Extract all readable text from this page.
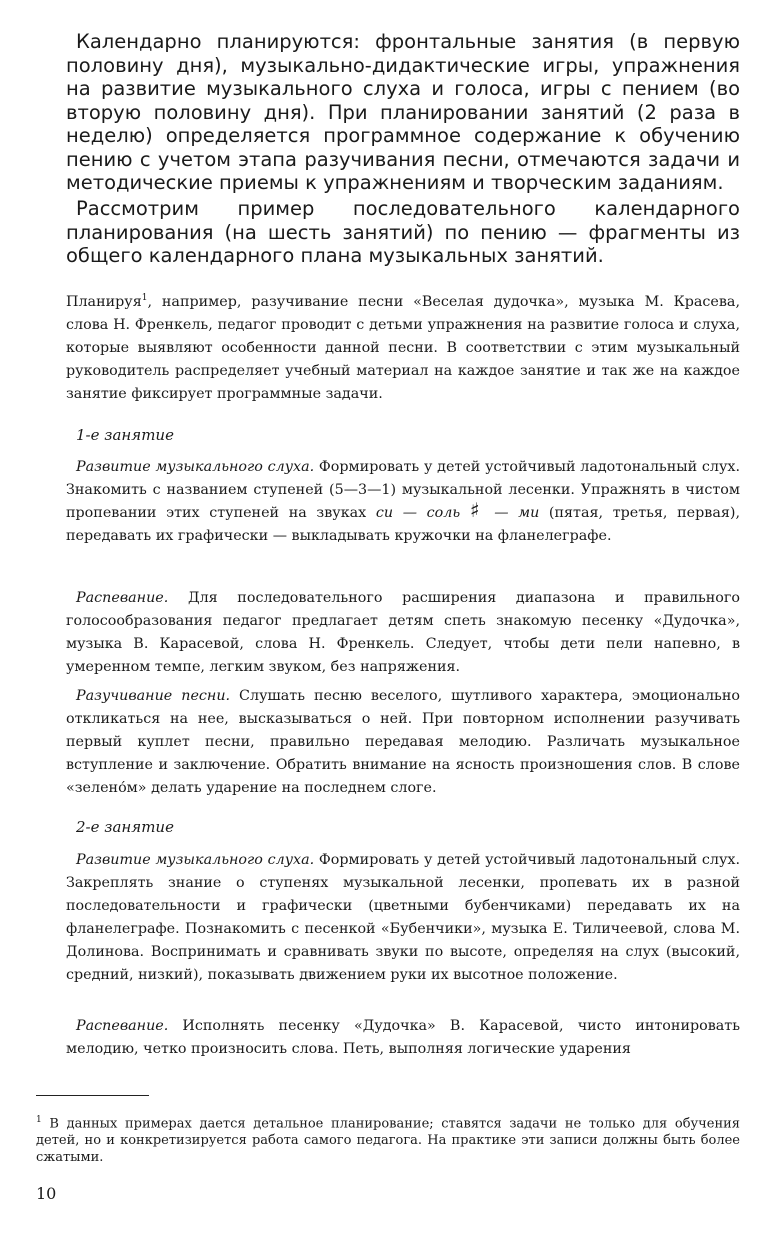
Календарно планируются: фронтальные занятия (в первую половину дня), музыкально-дидактические игры, упражнения на развитие музыкального слуха и голоса, игры с пением (во вторую половину дня). При планировании занятий (2 раза в неделю) определяется программное содержание к обучению пению с учетом этапа разучивания песни, отмечаются задачи и методические приемы к упражнениям и творческим заданиям.

Рассмотрим пример последовательного календарного планирования (на шесть занятий) по пению — фрагменты из общего календарного плана музыкальных занятий.

Планируя$^1$, например, разучивание песни «Веселая дудочка», музыка М. Красева, слова Н. Френкель, педагог проводит с детьми упражнения на развитие голоса и слуха, которые выявляют особенности данной песни. В соответствии с этим музыкальный руководитель распределяет учебный материал на каждое занятие и так же на каждое занятие фиксирует программные задачи.

1-е занятие

Развитие музыкального слуха. Формировать у детей устойчивый ладотональный слух. Знакомить с названием ступеней (5—3—1) музыкальной лесенки. Упражнять в чистом пропевании этих ступеней на звуках си — соль ♯ — ми (пятая, третья, первая), передавать их графически — выкладывать кружочки на фланелеграфе.

Распевание. Для последовательного расширения диапазона и правильного голосообразования педагог предлагает детям спеть знакомую песенку «Дудочка», музыка В. Карасевой, слова Н. Френкель. Следует, чтобы дети пели напевно, в умеренном темпе, легким звуком, без напряжения.

Разучивание песни. Слушать песню веселого, шутливого характера, эмоционально откликаться на нее, высказываться о ней. При повторном исполнении разучивать первый куплет песни, правильно передавая мелодию. Различать музыкальное вступление и заключение. Обратить внимание на ясность произношения слов. В слове «зелено́м» делать ударение на последнем слоге.

2-е занятие

Развитие музыкального слуха. Формировать у детей устойчивый ладотональный слух. Закреплять знание о ступенях музыкальной лесенки, пропевать их в разной последовательности и графически (цветными бубенчиками) передавать их на фланелеграфе. Познакомить с песенкой «Бубенчики», музыка Е. Тиличеевой, слова М. Долинова. Воспринимать и сравнивать звуки по высоте, определяя на слух (высокий, средний, низкий), показывать движением руки их высотное положение.

Распевание. Исполнять песенку «Дудочка» В. Карасевой, чисто интонировать мелодию, четко произносить слова. Петь, выполняя логические ударения

$^1$ В данных примерах дается детальное планирование; ставятся задачи не только для обучения детей, но и конкретизируется работа самого педагога. На практике эти записи должны быть более сжатыми.

10
